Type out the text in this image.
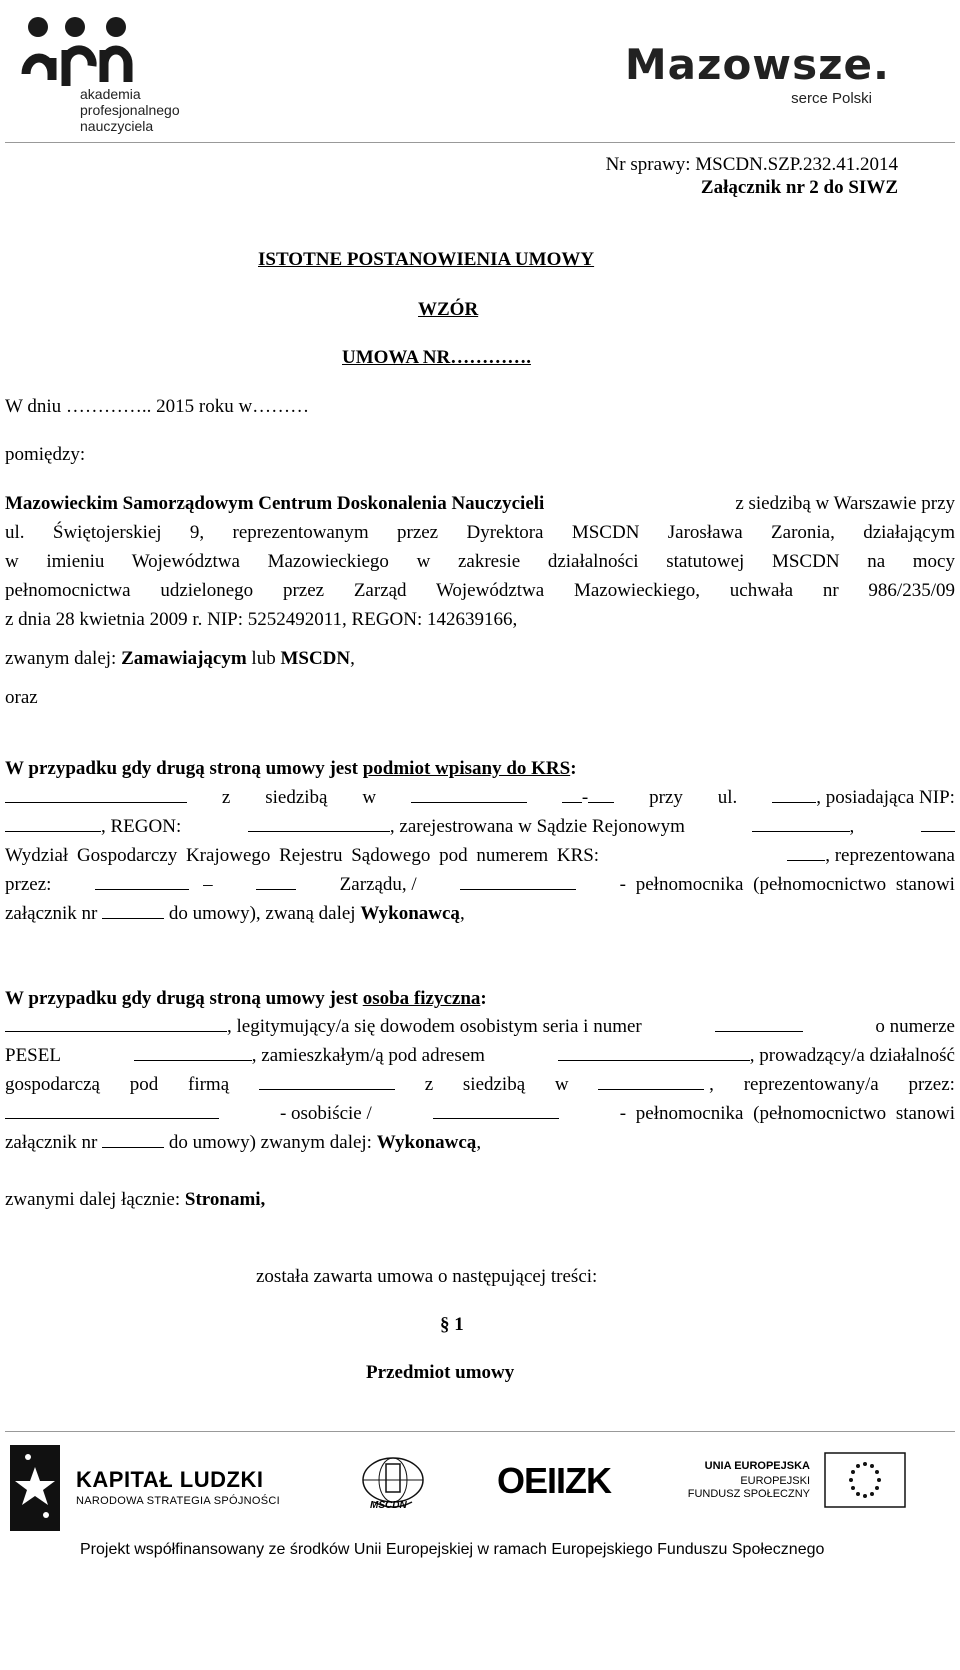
akademia
profesjonalnego
nauczyciela
Mazowsze.
serce Polski
Nr sprawy: MSCDN.SZP.232.41.2014
Załącznik nr 2 do SIWZ
ISTOTNE POSTANOWIENIA UMOWY
WZÓR
UMOWA NR………….
W dniu ………….. 2015 roku w………
pomiędzy:
Mazowieckim Samorządowym Centrum Doskonalenia Nauczycieli	z siedzibą w Warszawie przy
ul. Świętojerskiej 9, reprezentowanym przez Dyrektora MSCDN Jarosława Zaronia, działającym
w imieniu Województwa Mazowieckiego w zakresie działalności statutowej MSCDN na mocy
pełnomocnictwa udzielonego przez Zarząd Województwa Mazowieckiego, uchwała nr 986/235/09
z dnia 28 kwietnia 2009 r. NIP: 5252492011, REGON: 142639166,
zwanym dalej: Zamawiającym lub MSCDN,
oraz
W przypadku gdy drugą stroną umowy jest podmiot wpisany do KRS:
z siedzibą w	-	przy ul.	, posiadająca NIP:
, REGON:	, zarejestrowana w Sądzie Rejonowym	,
Wydział Gospodarczy Krajowego Rejestru Sądowego pod numerem KRS:	, reprezentowana
przez:	–	Zarządu, /	- pełnomocnika (pełnomocnictwo stanowi
załącznik nr	do umowy), zwaną dalej Wykonawcą,
W przypadku gdy drugą stroną umowy jest osoba fizyczna:
, legitymujący/a się dowodem osobistym seria i numer	o numerze
PESEL	, zamieszkałym/ą pod adresem	, prowadzący/a działalność
gospodarczą pod firmą	z siedzibą w	, reprezentowany/a przez:
- osobiście /	- pełnomocnika (pełnomocnictwo stanowi
załącznik nr	do umowy) zwanym dalej: Wykonawcą,
zwanymi dalej łącznie: Stronami,
została zawarta umowa o następującej treści:
§ 1
Przedmiot umowy
KAPITAŁ LUDZKI
NARODOWA STRATEGIA SPÓJNOŚCI	MSCDN
OEIIZK	UNIA EUROPEJSKA
EUROPEJSKI
FUNDUSZ SPOŁECZNY
Projekt współfinansowany ze środków Unii Europejskiej w ramach Europejskiego Funduszu Społecznego
